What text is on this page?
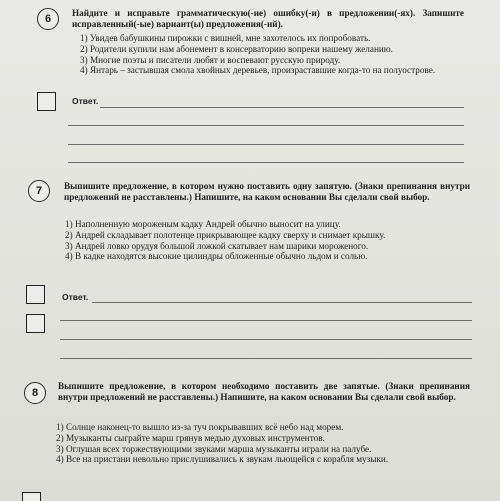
6	Найдите и исправьте грамматическую(-ие) ошибку(-и) в предложении(-ях). Запишите исправленный(-ые) вариант(ы) предложения(-ий).
1) Увидев бабушкины пирожки с вишней, мне захотелось их попробовать.
2) Родители купили нам абонемент в консерваторию вопреки нашему желанию.
3) Многие поэты и писатели любят и воспевают русскую природу.
4) Янтарь – застывшая смола хвойных деревьев, произраставшие когда-то на полуострове.
Ответ.
7	Выпишите предложение, в котором нужно поставить одну запятую. (Знаки препинания внутри предложений не расставлены.) Напишите, на каком основании Вы сделали свой выбор.
1) Наполненную мороженым кадку Андрей обычно выносит на улицу.
2) Андрей складывает полотенце прикрывающее кадку сверху и снимает крышку.
3) Андрей ловко орудуя большой ложкой скатывает нам шарики мороженого.
4) В кадке находятся высокие цилиндры обложенные обычно льдом и солью.
Ответ.
8
Выпишите предложение, в котором необходимо поставить две запятые. (Знаки препинания внутри предложений не расставлены.) Напишите, на каком основании Вы сделали свой выбор.
1) Солнце наконец-то вышло из-за туч покрывавших всё небо над морем.
2) Музыканты сыграйте марш грянув медью духовых инструментов.
3) Оглушая всех торжествующими звуками марша музыканты играли на палубе.
4) Все на пристани невольно прислушивались к звукам льющейся с корабля музыки.
